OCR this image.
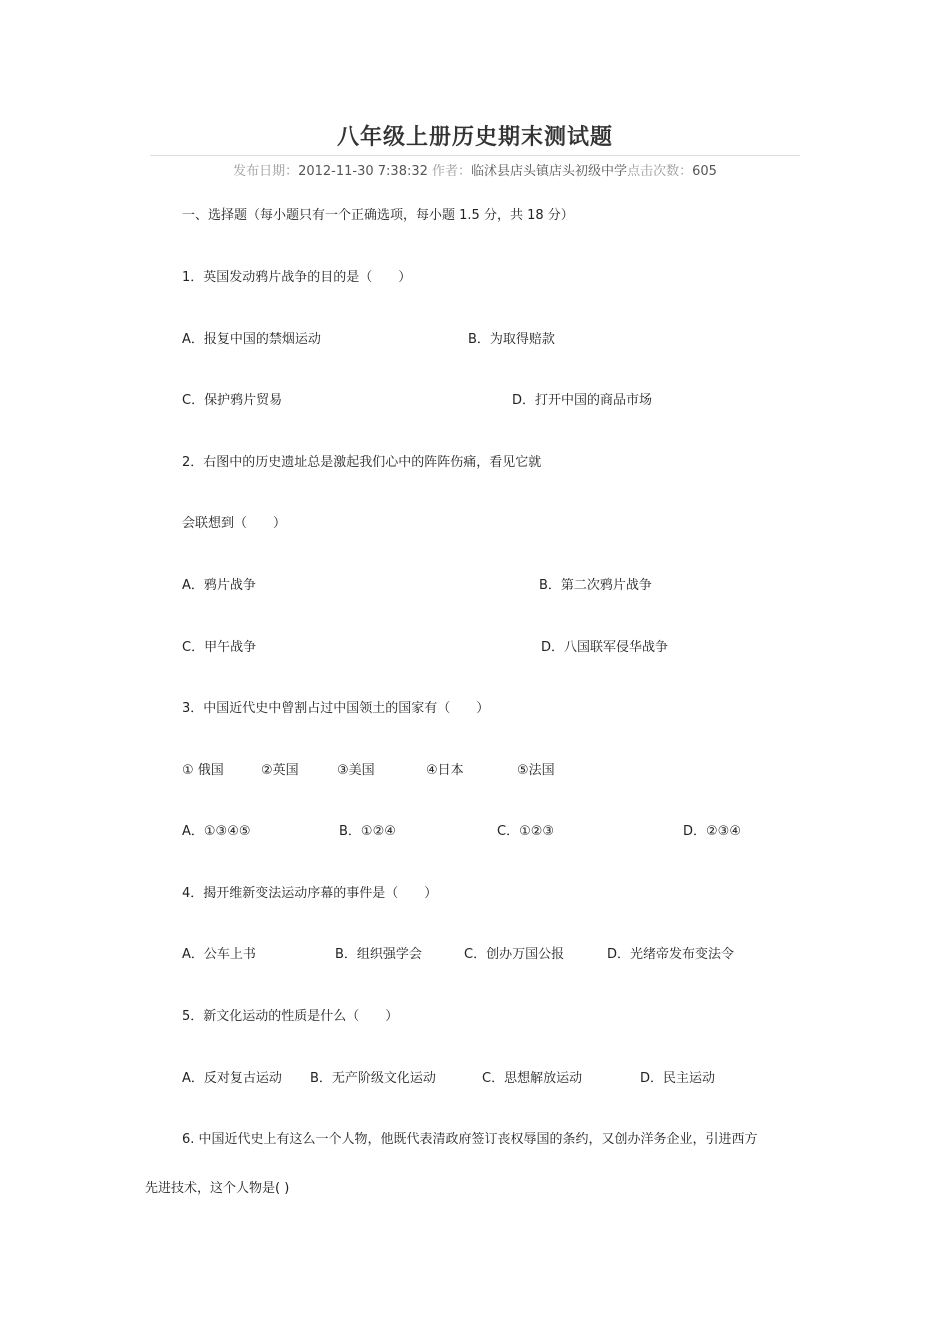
八年级上册历史期末测试题
发布日期：2012-11-30 7:38:32 作者：临沭县店头镇店头初级中学点击次数：605
一、选择题（每小题只有一个正确选项，每小题 1.5 分，共 18 分）
1．英国发动鸦片战争的目的是（　　）
A．报复中国的禁烟运动	B．为取得赔款
C．保护鸦片贸易	D．打开中国的商品市场
2．右图中的历史遗址总是激起我们心中的阵阵伤痛，看见它就
会联想到（　　）
A．鸦片战争	B．第二次鸦片战争
C．甲午战争	D．八国联军侵华战争
3．中国近代史中曾割占过中国领土的国家有（　　）
① 俄国	②英国	③美国	④日本	⑤法国
A．①③④⑤	B．①②④	C．①②③	D．②③④
4．揭开维新变法运动序幕的事件是（　　）
A．公车上书	B．组织强学会	C．创办万国公报	D．光绪帝发布变法令
5．新文化运动的性质是什么（　　）
A．反对复古运动 B．无产阶级文化运动	C．思想解放运动	D．民主运动
6. 中国近代史上有这么一个人物，他既代表清政府签订丧权辱国的条约，又创办洋务企业，引进西方
先进技术，这个人物是( )
